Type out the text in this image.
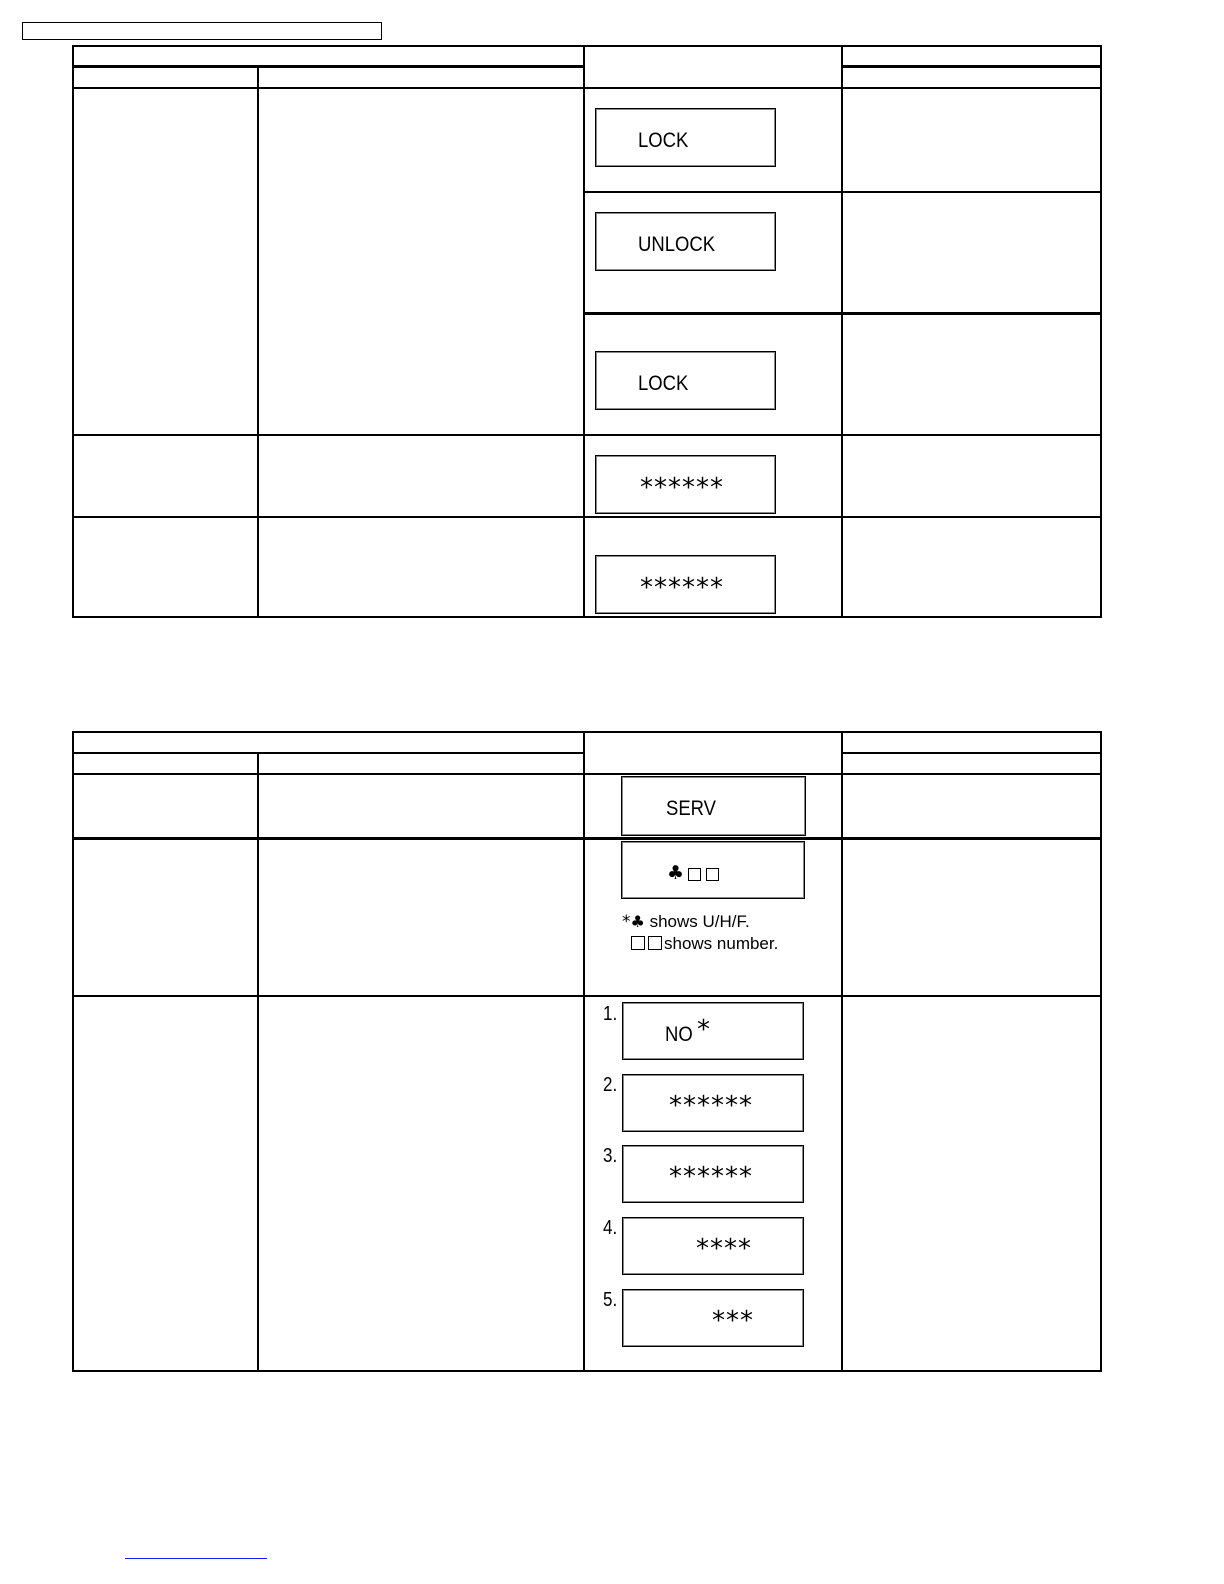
LOCK
UNLOCK
LOCK
******
******
SERV
♣
*♣ shows U/H/F.
shows number.
1.
NO *
2.
******
3.
******
4.
****
5.
***
